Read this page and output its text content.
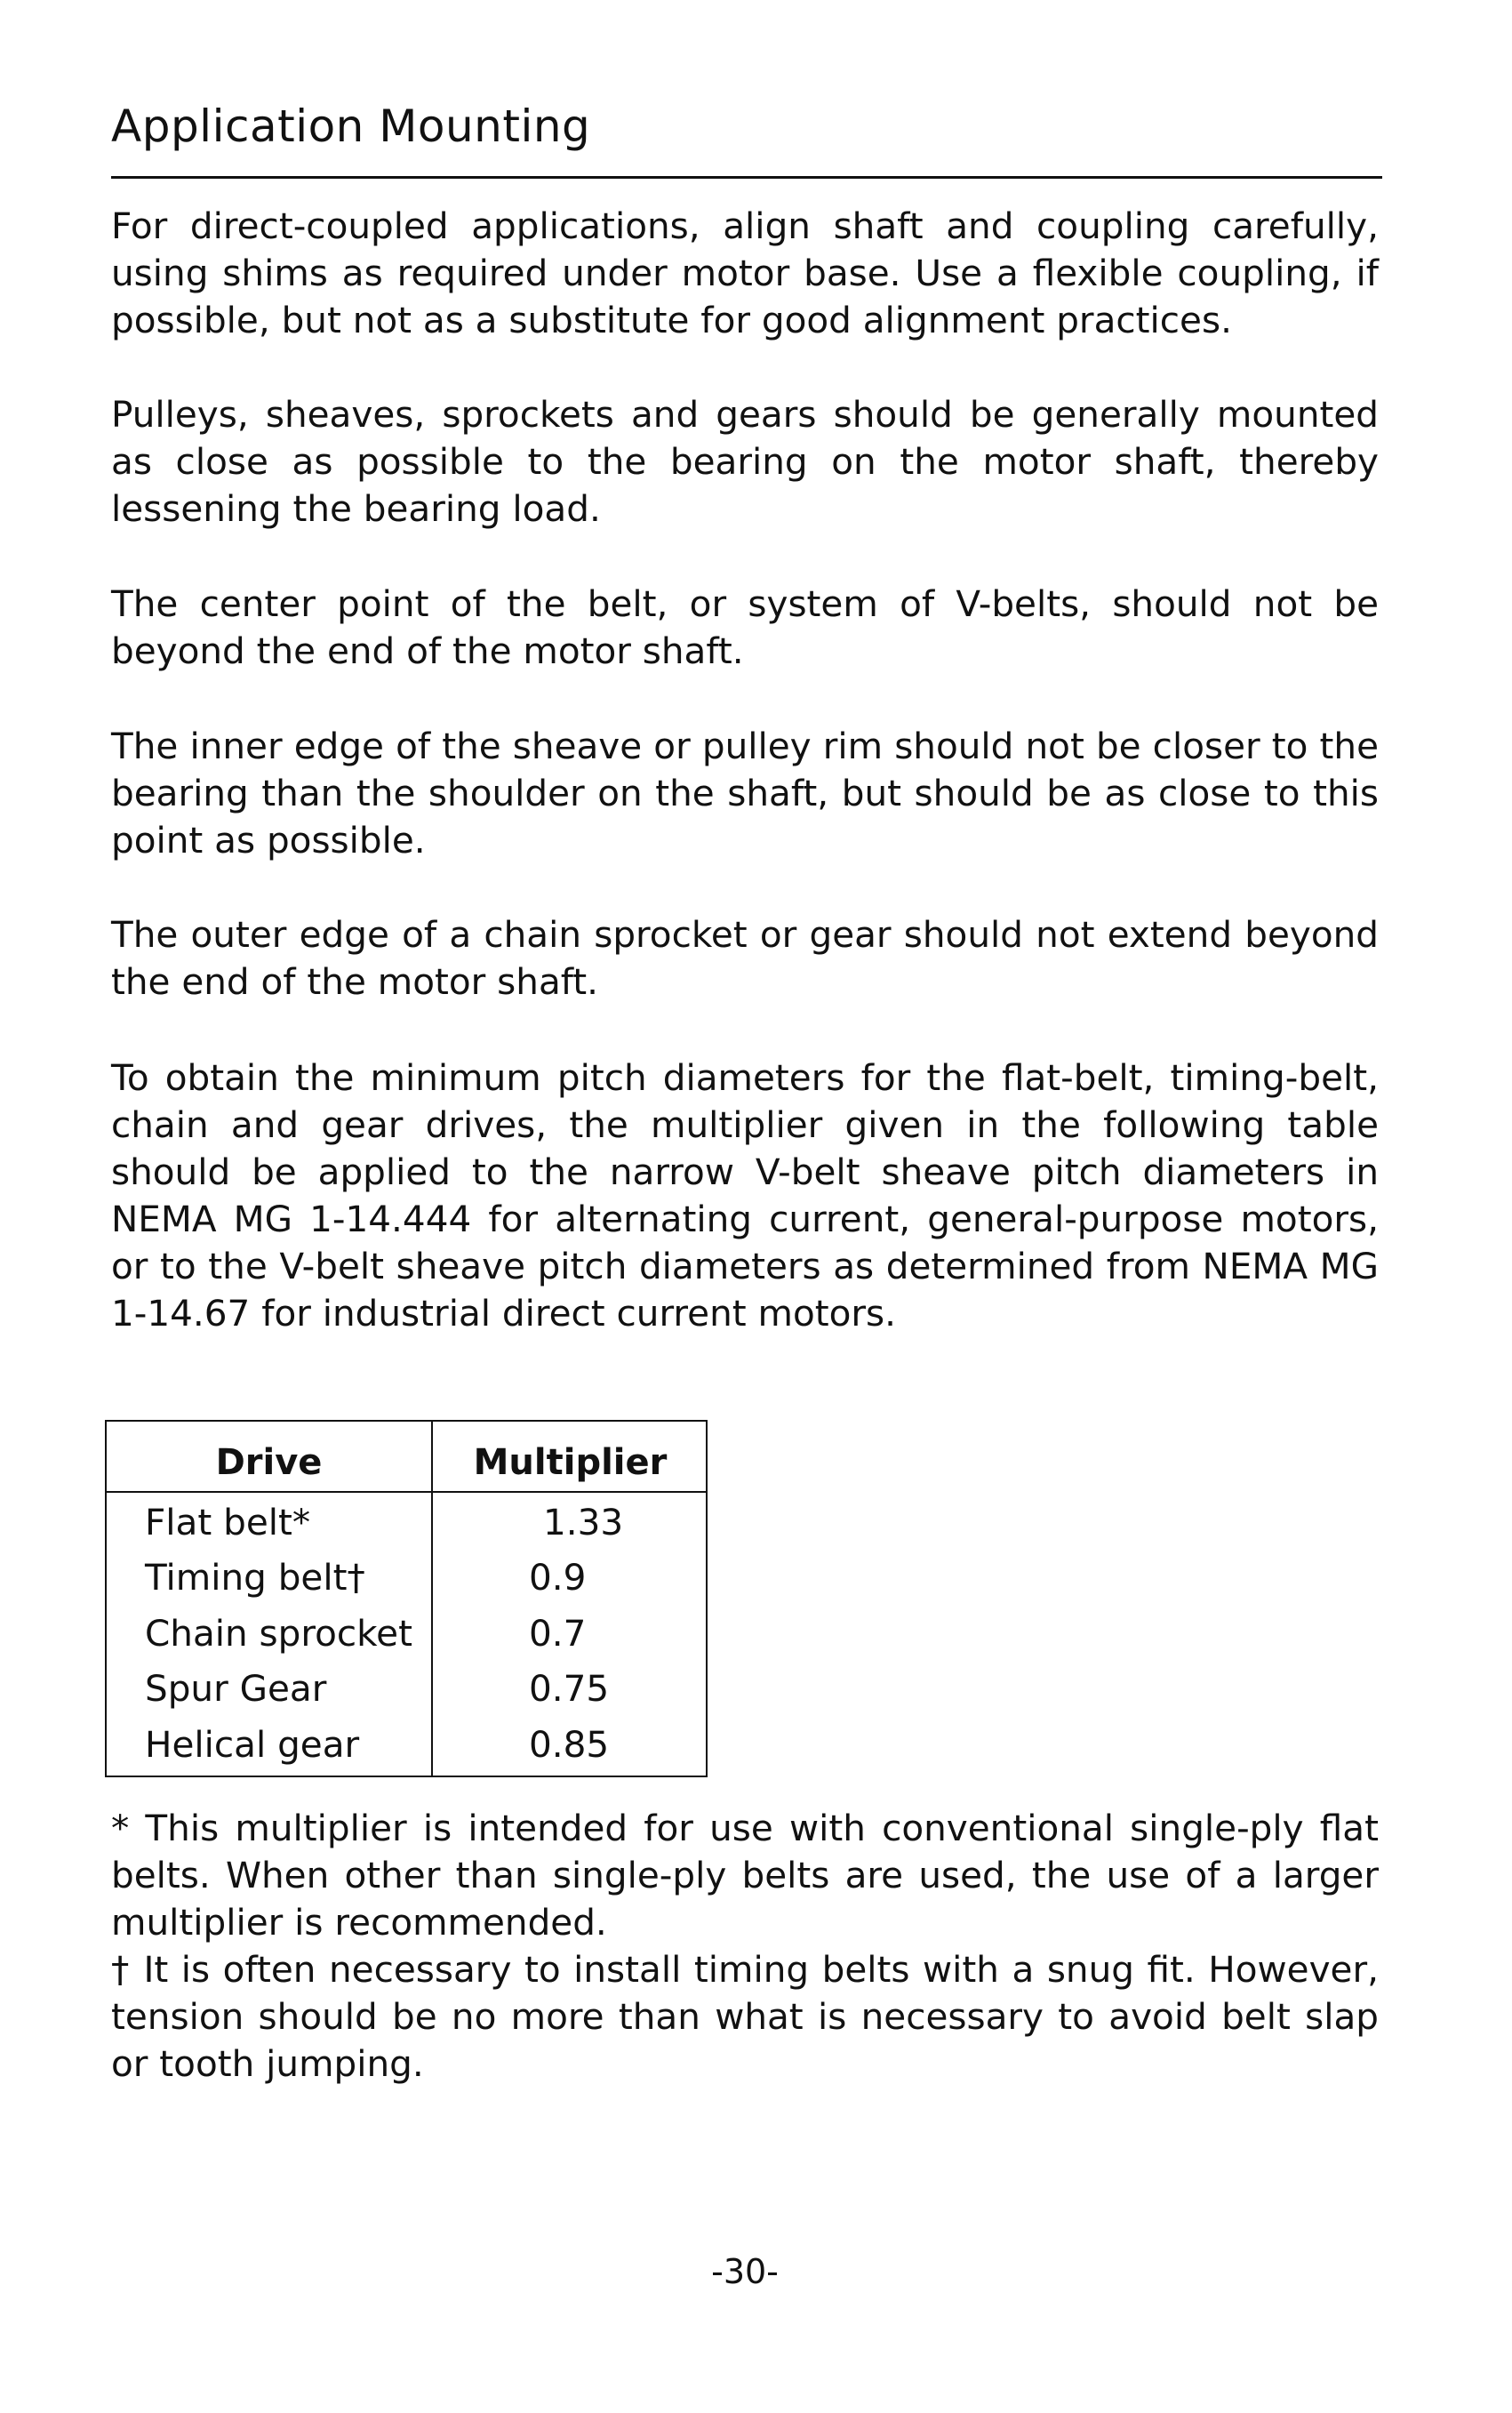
Application Mounting

For direct-coupled applications, align shaft and coupling carefully, using shims as required under motor base. Use a flexible coupling, if possible, but not as a substitute for good alignment practices.

Pulleys, sheaves, sprockets and gears should be generally mounted as close as possible to the bearing on the motor shaft, thereby lessening the bearing load.

The center point of the belt, or system of V-belts, should not be beyond the end of the motor shaft.

The inner edge of the sheave or pulley rim should not be closer to the bearing than the shoulder on the shaft, but should be as close to this point as possible.

The outer edge of a chain sprocket or gear should not extend beyond the end of the motor shaft.

To obtain the minimum pitch diameters for the flat-belt, timing-belt, chain and gear drives, the multiplier given in the following table should be applied to the narrow V-belt sheave pitch diameters in NEMA MG 1-14.444 for alternating current, general-purpose motors, or to the V-belt sheave pitch diameters as determined from NEMA MG 1-14.67 for industrial direct current motors.

Drive	Multiplier
Flat belt*	1.33
Timing belt†	0.9
Chain sprocket	0.7
Spur Gear	0.75
Helical gear	0.85

* This multiplier is intended for use with conventional single-ply flat belts. When other than single-ply belts are used, the use of a larger multiplier is recommended.

† It is often necessary to install timing belts with a snug fit. However, tension should be no more than what is necessary to avoid belt slap or tooth jumping.

-30-
